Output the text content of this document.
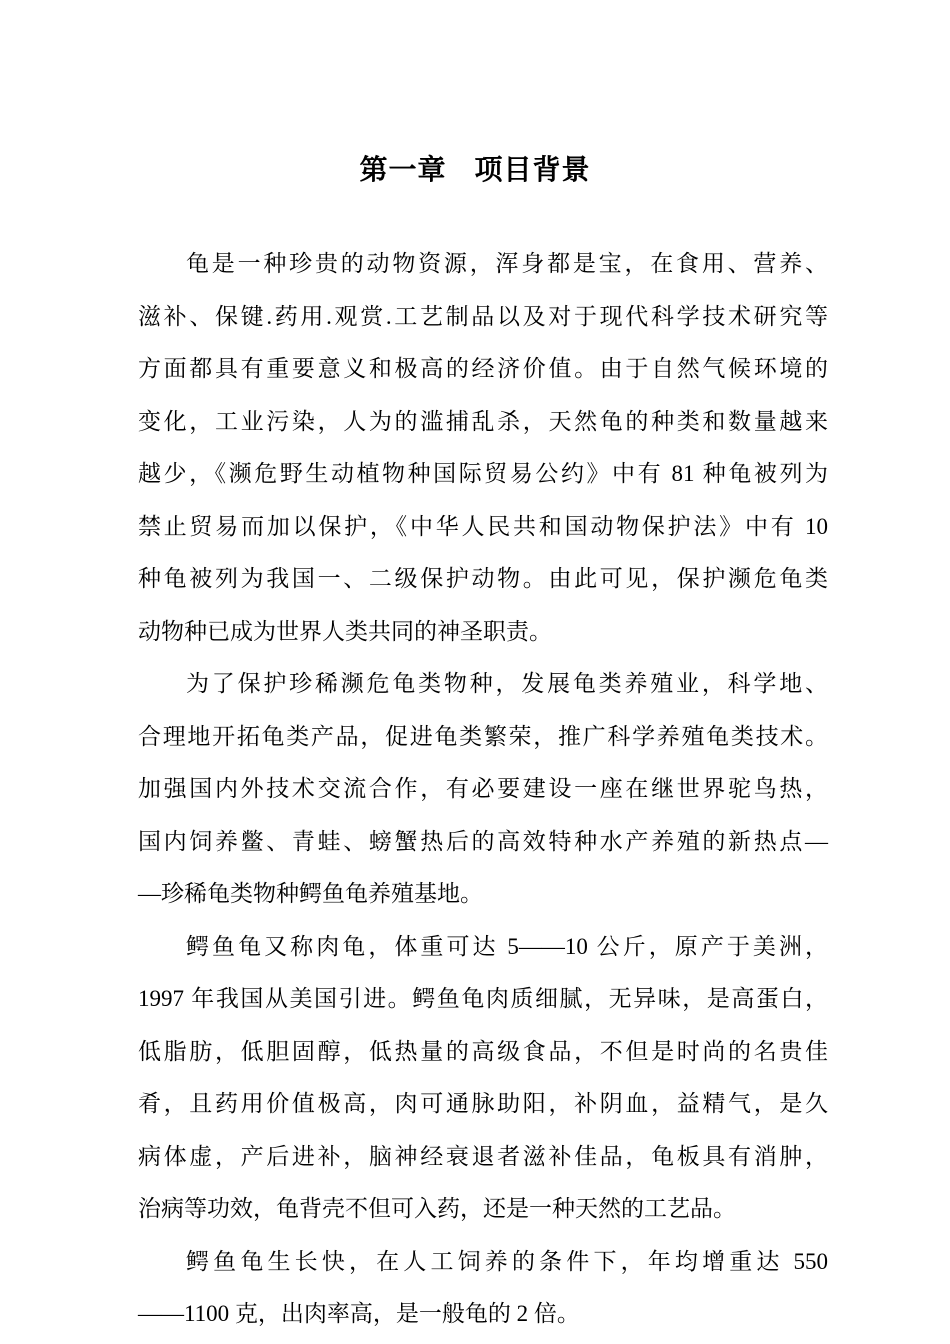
第一章 项目背景
龟是一种珍贵的动物资源，浑身都是宝，在食用、营养、
滋补、保键.药用.观赏.工艺制品以及对于现代科学技术研究等
方面都具有重要意义和极高的经济价值。由于自然气候环境的
变化，工业污染，人为的滥捕乱杀，天然龟的种类和数量越来
越少，《濒危野生动植物种国际贸易公约》中有 81 种龟被列为
禁止贸易而加以保护，《中华人民共和国动物保护法》中有 10
种龟被列为我国一、二级保护动物。由此可见，保护濒危龟类
动物种已成为世界人类共同的神圣职责。
为了保护珍稀濒危龟类物种，发展龟类养殖业，科学地、
合理地开拓龟类产品，促进龟类繁荣，推广科学养殖龟类技术。
加强国内外技术交流合作，有必要建设一座在继世界驼鸟热，
国内饲养鳖、青蛙、螃蟹热后的高效特种水产养殖的新热点—
—珍稀龟类物种鳄鱼龟养殖基地。
鳄鱼龟又称肉龟，体重可达 5——10 公斤，原产于美洲，
1997 年我国从美国引进。鳄鱼龟肉质细腻，无异味，是高蛋白，
低脂肪，低胆固醇，低热量的高级食品，不但是时尚的名贵佳
肴，且药用价值极高，肉可通脉助阳，补阴血，益精气，是久
病体虚，产后进补，脑神经衰退者滋补佳品，龟板具有消肿，
治病等功效，龟背壳不但可入药，还是一种天然的工艺品。
鳄鱼龟生长快，在人工饲养的条件下，年均增重达 550
——1100 克，出肉率高，是一般龟的 2 倍。
